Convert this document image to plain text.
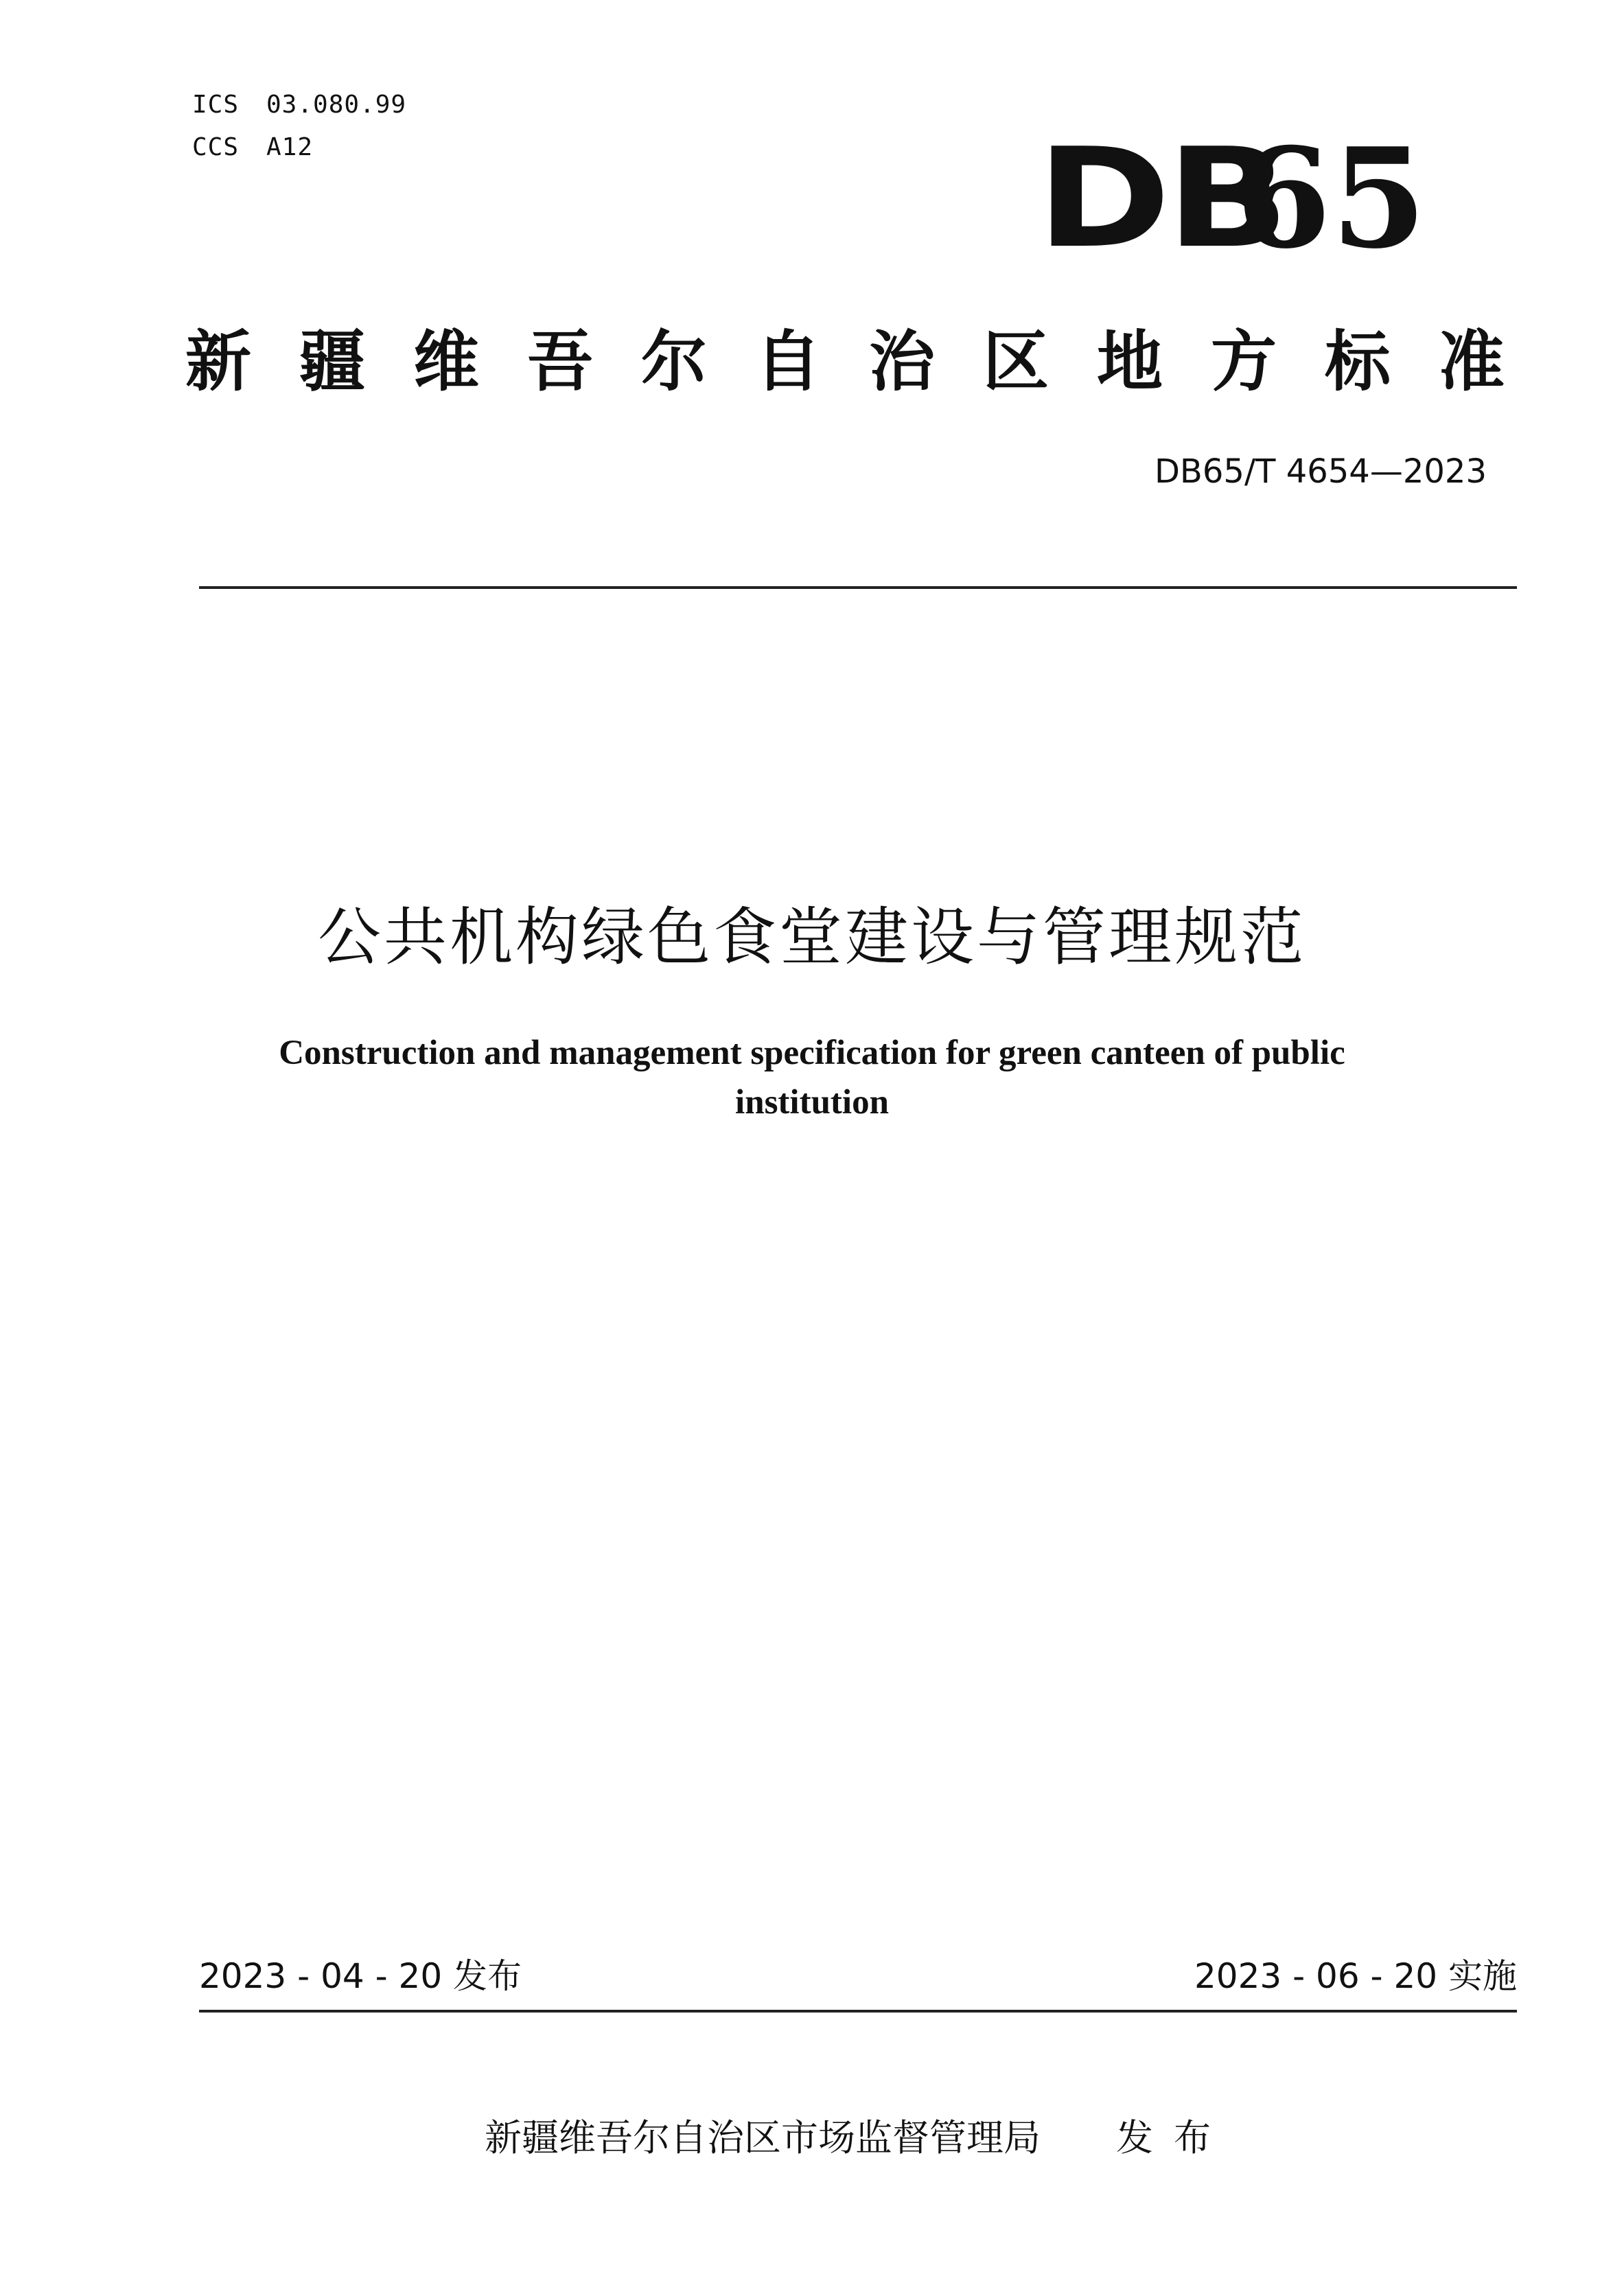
ICS 03.080.99
CCS A12	DB
65
新疆维吾尔自治区地方标准
DB65/T 4654—2023
公共机构绿色食堂建设与管理规范
Construction and management specification for green canteen of public institution
2023 - 04 - 20 发布	2023 - 06 - 20 实施
新疆维吾尔自治区市场监督管理局 发布
